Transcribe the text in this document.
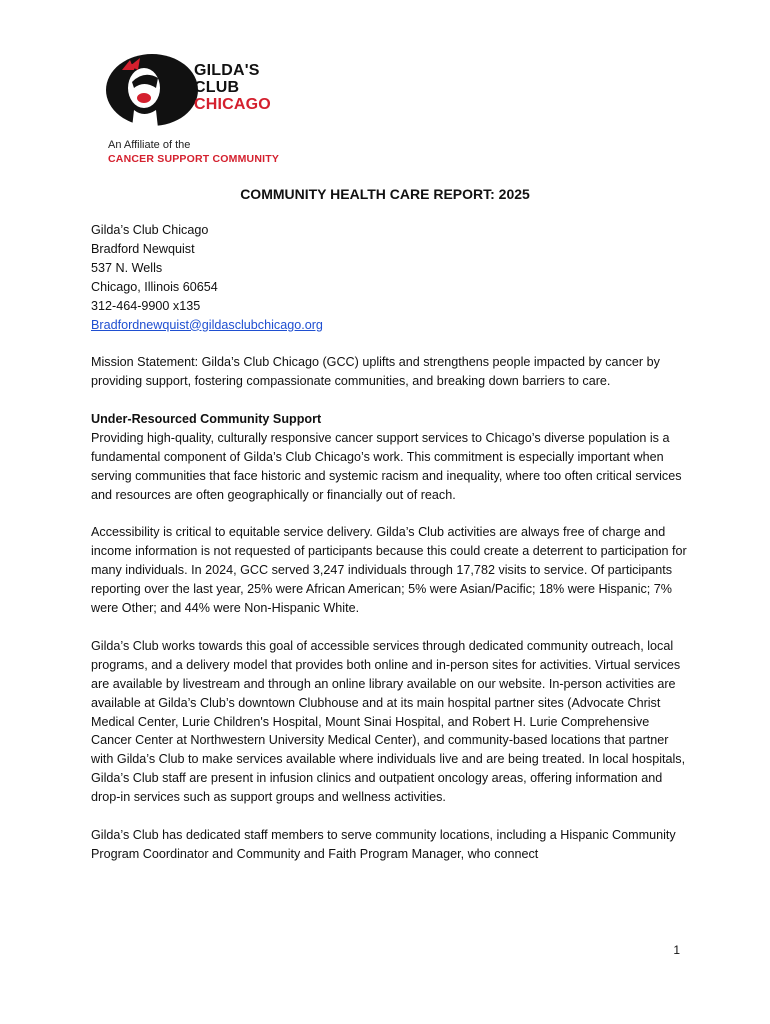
GILDA'S
CLUB
CHICAGO
An Affiliate of the
CANCER SUPPORT COMMUNITY
COMMUNITY HEALTH CARE REPORT: 2025

Gilda’s Club Chicago

Bradford Newquist

537 N. Wells

Chicago, Illinois 60654

312-464-9900 x135

Bradfordnewquist@gildasclubchicago.org

Mission Statement: Gilda’s Club Chicago (GCC) uplifts and strengthens people impacted by cancer by providing support, fostering compassionate communities, and breaking down barriers to care.

Under-Resourced Community Support

Providing high-quality, culturally responsive cancer support services to Chicago’s diverse population is a fundamental component of Gilda’s Club Chicago’s work. This commitment is especially important when serving communities that face historic and systemic racism and inequality, where too often critical services and resources are often geographically or financially out of reach.

Accessibility is critical to equitable service delivery. Gilda’s Club activities are always free of charge and income information is not requested of participants because this could create a deterrent to participation for many individuals. In 2024, GCC served 3,247 individuals through 17,782 visits to service. Of participants reporting over the last year, 25% were African American; 5% were Asian/Pacific; 18% were Hispanic; 7% were Other; and 44% were Non-Hispanic White.

Gilda’s Club works towards this goal of accessible services through dedicated community outreach, local programs, and a delivery model that provides both online and in-person sites for activities. Virtual services are available by livestream and through an online library available on our website. In-person activities are available at Gilda’s Club’s downtown Clubhouse and at its main hospital partner sites (Advocate Christ Medical Center, Lurie Children's Hospital, Mount Sinai Hospital, and Robert H. Lurie Comprehensive Cancer Center at Northwestern University Medical Center), and community-based locations that partner with Gilda’s Club to make services available where individuals live and are being treated. In local hospitals, Gilda’s Club staff are present in infusion clinics and outpatient oncology areas, offering information and drop-in services such as support groups and wellness activities.

Gilda’s Club has dedicated staff members to serve community locations, including a Hispanic Community Program Coordinator and Community and Faith Program Manager, who connect

1
